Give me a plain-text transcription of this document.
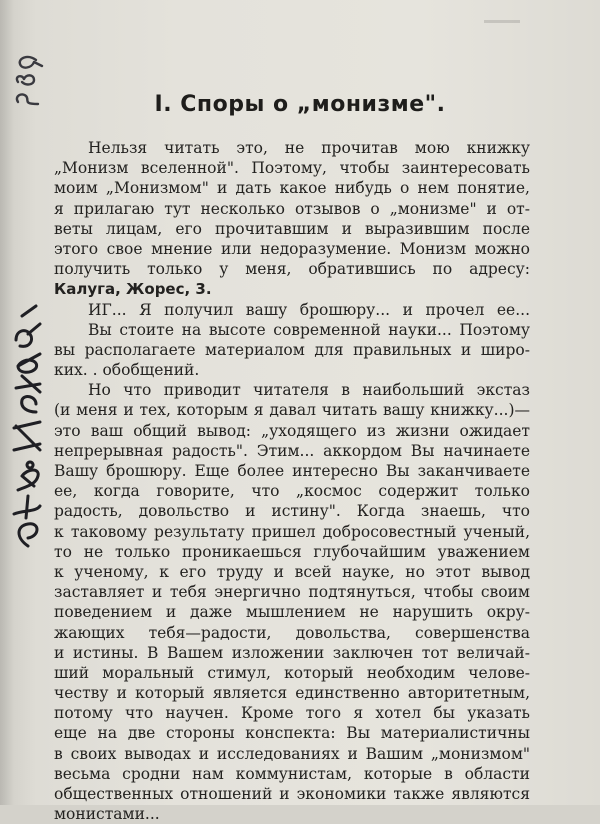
I. Споры о „монизме".
Нельзя читать это, не прочитав мою книжку
„Монизм вселенной". Поэтому, чтобы заинтересовать
моим „Монизмом" и дать какое нибудь о нем понятие,
я прилагаю тут несколько отзывов о „монизме" и от-
веты лицам, его прочитавшим и выразившим после
этого свое мнение или недоразумение. Монизм можно
получить только у меня, обратившись по адресу:
Калуга, Жорес, 3.
ИГ... Я получил вашу брошюру... и прочел ее...
Вы стоите на высоте современной науки... Поэтому
вы располагаете материалом для правильных и широ-
ких. . обобщений.
Но что приводит читателя в наибольший экстаз
(и меня и тех, которым я давал читать вашу книжку...)—
это ваш общий вывод: „уходящего из жизни ожидает
непрерывная радость". Этим... аккордом Вы начинаете
Вашу брошюру. Еще более интересно Вы заканчиваете
ее, когда говорите, что „космос содержит только
радость, довольство и истину". Когда знаешь, что
к таковому результату пришел добросовестный ученый,
то не только проникаешься глубочайшим уважением
к ученому, к его труду и всей науке, но этот вывод
заставляет и тебя энергично подтянуться, чтобы своим
поведением и даже мышлением не нарушить окру-
жающих тебя—радости, довольства, совершенства
и истины. В Вашем изложении заключен тот величай-
ший моральный стимул, который необходим челове-
честву и который является единственно авторитетным,
потому что научен. Кроме того я хотел бы указать
еще на две стороны конспекта: Вы материалистичны
в своих выводах и исследованиях и Вашим „монизмом"
весьма сродни нам коммунистам, которые в области
общественных отношений и экономики также являются
монистами...
